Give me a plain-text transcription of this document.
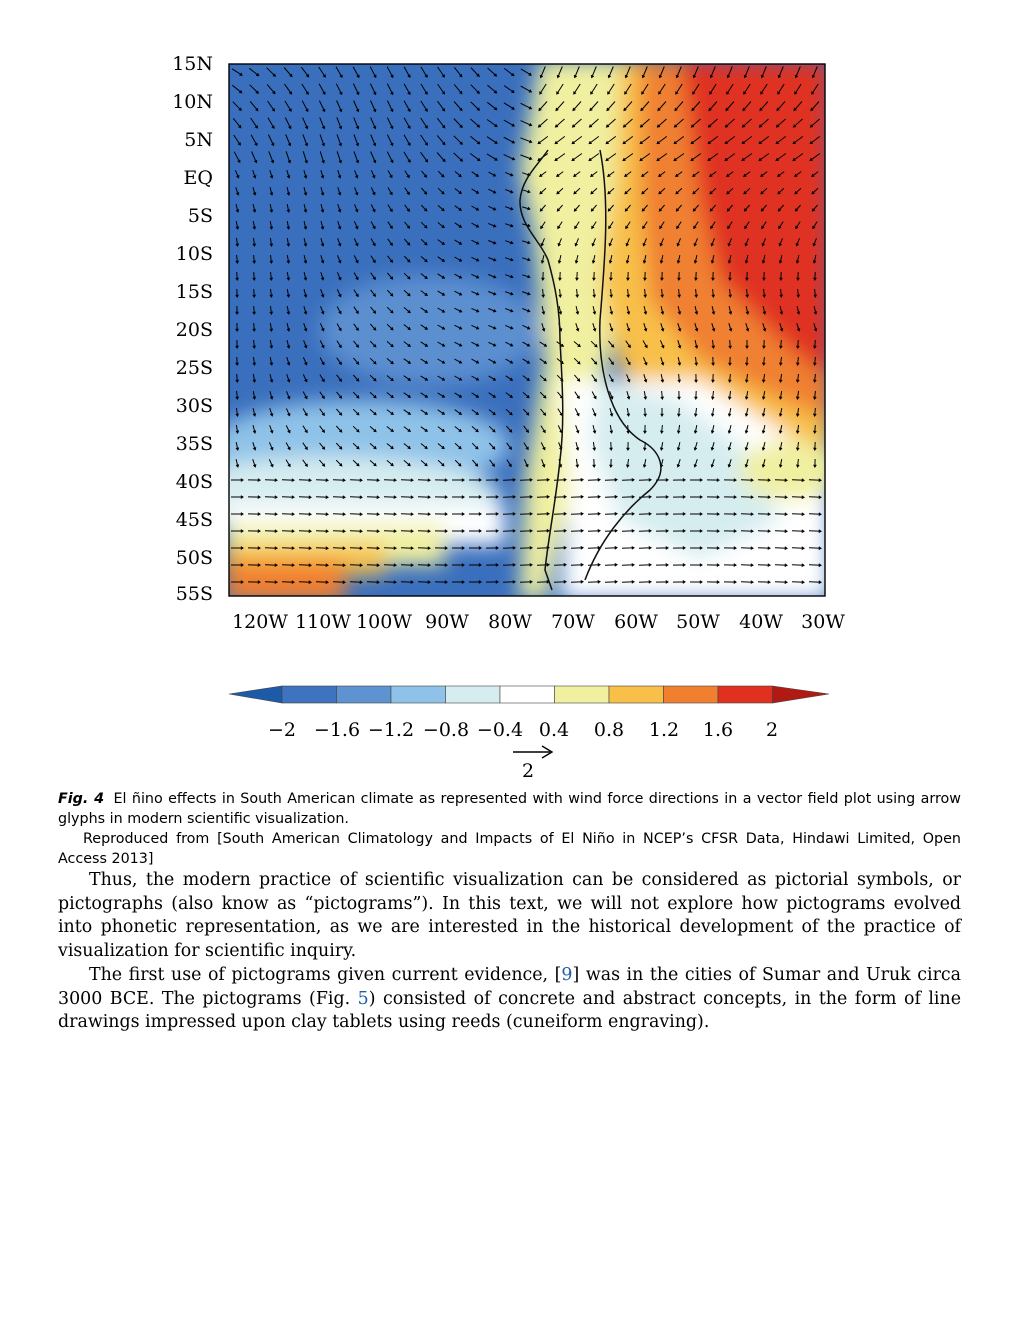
15N
10N
5N
EQ
5S
10S
15S
20S
25S
30S
35S
40S
45S
50S
55S
120W 110W 100W 90W 80W 70W 60W 50W 40W 30W
−2 −1.6 −1.2 −0.8 −0.4 0.4 0.8 1.2 1.6 2
2

Fig. 4 El ñino effects in South American climate as represented with wind force directions in a vector field plot using arrow glyphs in modern scientific visualization.

Reproduced from [South American Climatology and Impacts of El Niño in NCEP’s CFSR Data, Hindawi Limited, Open Access 2013]

Thus, the modern practice of scientific visualization can be considered as pictorial symbols, or pictographs (also know as “pictograms”). In this text, we will not explore how pictograms evolved into phonetic representation, as we are interested in the historical development of the practice of visualization for scientific inquiry.

The first use of pictograms given current evidence, [9] was in the cities of Sumar and Uruk circa 3000 BCE. The pictograms (Fig. 5) consisted of concrete and abstract concepts, in the form of line drawings impressed upon clay tablets using reeds (cuneiform engraving).
